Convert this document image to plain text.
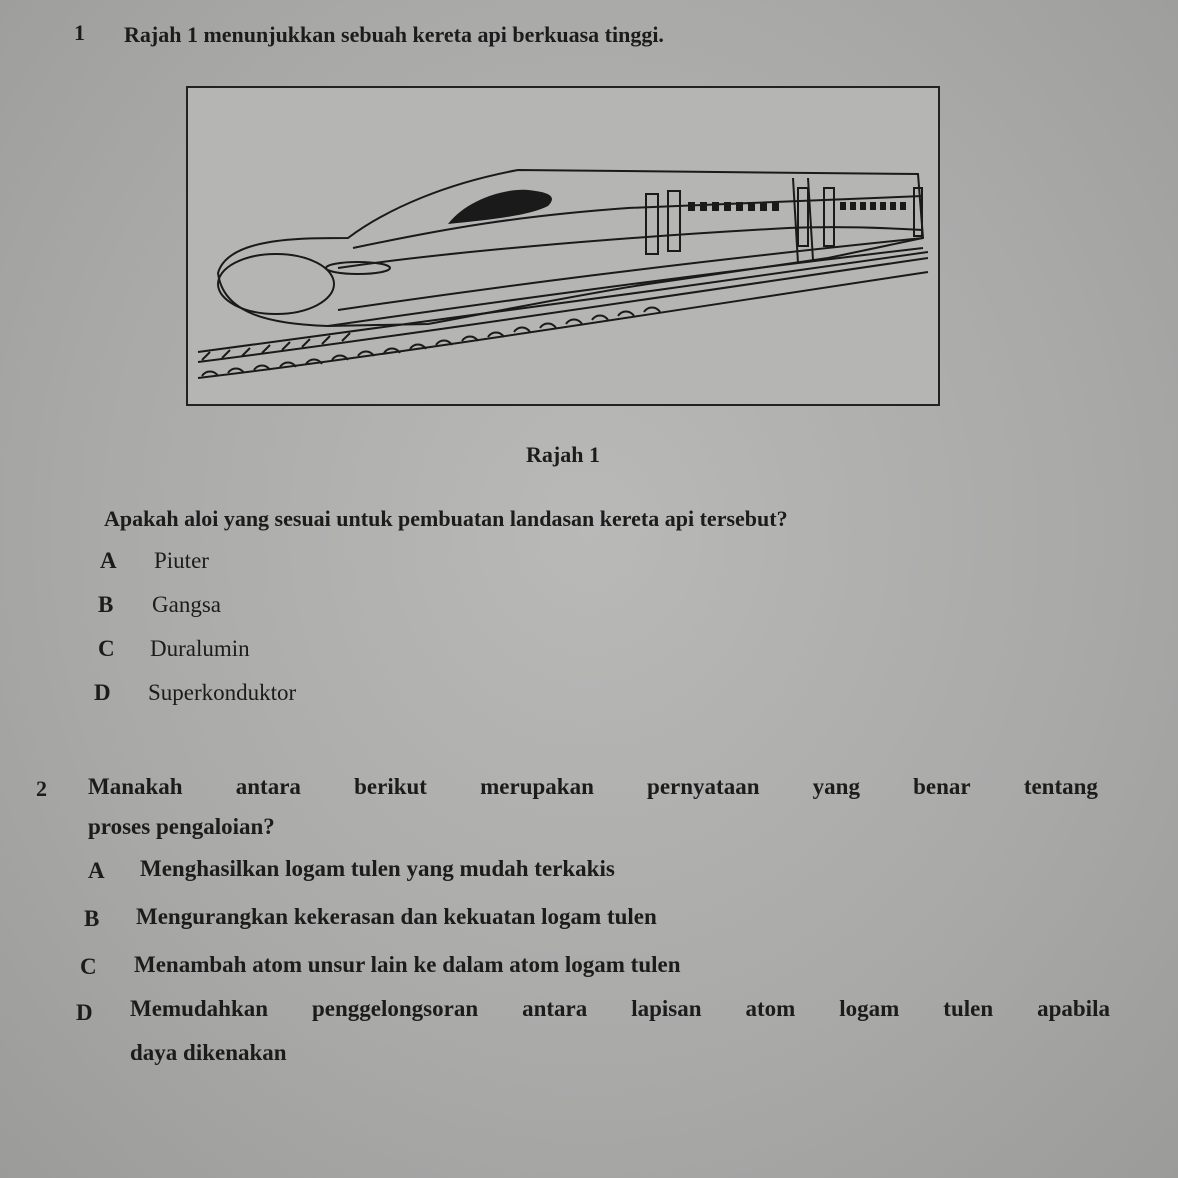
1 Rajah 1 menunjukkan sebuah kereta api berkuasa tinggi.
Rajah 1
Apakah aloi yang sesuai untuk pembuatan landasan kereta api tersebut?
A Piuter
B Gangsa
C Duralumin
D Superkonduktor
2 Manakah antara berikut merupakan pernyataan yang benar tentang
proses pengaloian?
A Menghasilkan logam tulen yang mudah terkakis
B Mengurangkan kekerasan dan kekuatan logam tulen
C Menambah atom unsur lain ke dalam atom logam tulen
D Memudahkan penggelongsoran antara lapisan atom logam tulen apabila
daya dikenakan
